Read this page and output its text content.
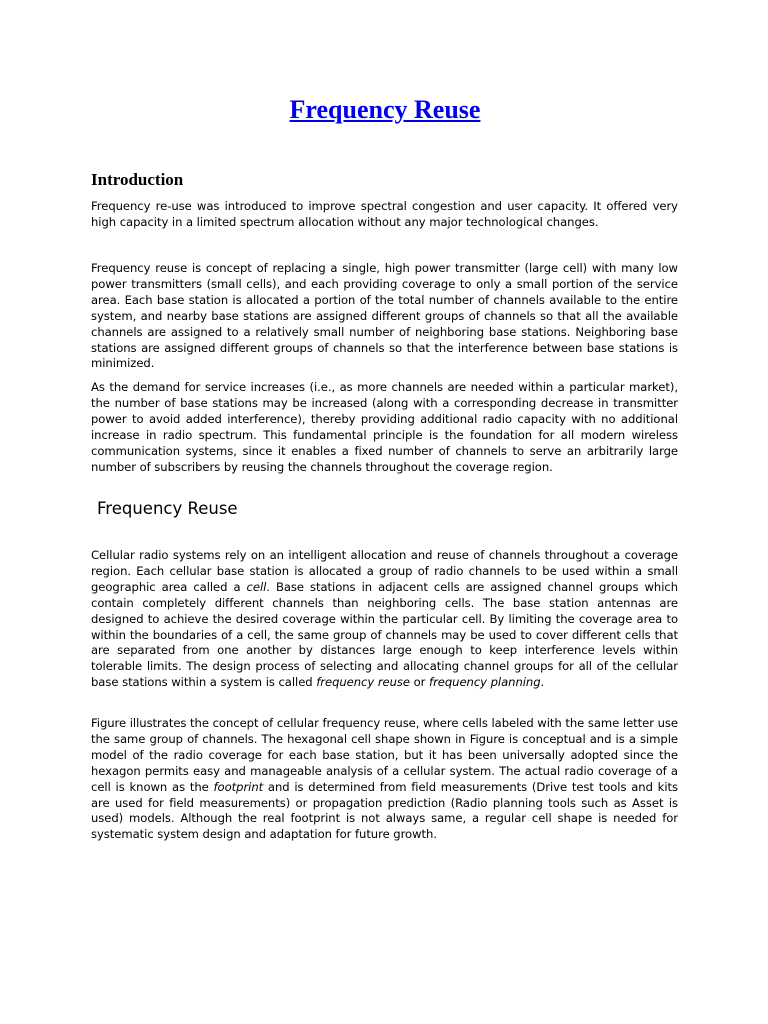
Frequency Reuse
Introduction

Frequency re-use was introduced to improve spectral congestion and user capacity. It offered very high capacity in a limited spectrum allocation without any major technological changes.

Frequency reuse is concept of replacing a single, high power transmitter (large cell) with many low power transmitters (small cells), and each providing coverage to only a small portion of the service area. Each base station is allocated a portion of the total number of channels available to the entire system, and nearby base stations are assigned different groups of channels so that all the available channels are assigned to a relatively small number of neighboring base stations. Neighboring base stations are assigned different groups of channels so that the interference between base stations is minimized.

As the demand for service increases (i.e., as more channels are needed within a particular market), the number of base stations may be increased (along with a corresponding decrease in transmitter power to avoid added interference), thereby providing additional radio capacity with no additional increase in radio spectrum. This fundamental principle is the foundation for all modern wireless communication systems, since it enables a fixed number of channels to serve an arbitrarily large number of subscribers by reusing the channels throughout the coverage region.

Frequency Reuse

Cellular radio systems rely on an intelligent allocation and reuse of channels throughout a coverage region. Each cellular base station is allocated a group of radio channels to be used within a small geographic area called a cell. Base stations in adjacent cells are assigned channel groups which contain completely different channels than neighboring cells. The base station antennas are designed to achieve the desired coverage within the particular cell. By limiting the coverage area to within the boundaries of a cell, the same group of channels may be used to cover different cells that are separated from one another by distances large enough to keep interference levels within tolerable limits. The design process of selecting and allocating channel groups for all of the cellular base stations within a system is called frequency reuse or frequency planning.

Figure illustrates the concept of cellular frequency reuse, where cells labeled with the same letter use the same group of channels. The hexagonal cell shape shown in Figure is conceptual and is a simple model of the radio coverage for each base station, but it has been universally adopted since the hexagon permits easy and manageable analysis of a cellular system. The actual radio coverage of a cell is known as the footprint and is determined from field measurements (Drive test tools and kits are used for field measurements) or propagation prediction (Radio planning tools such as Asset is used) models. Although the real footprint is not always same, a regular cell shape is needed for systematic system design and adaptation for future growth.
